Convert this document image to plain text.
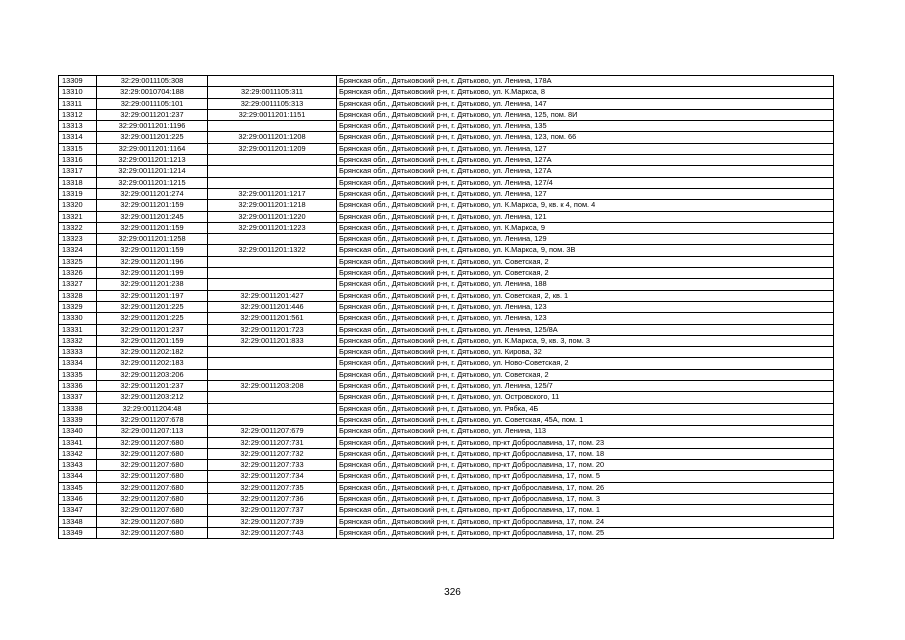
13309	32:29:0011105:308		Брянская обл., Дятьковский р-н, г. Дятьково, ул. Ленина, 178А
13310	32:29:0010704:188	32:29:0011105:311	Брянская обл., Дятьковский р-н, г. Дятьково, ул. К.Маркса, 8
13311	32:29:0011105:101	32:29:0011105:313	Брянская обл., Дятьковский р-н, г. Дятьково, ул. Ленина, 147
13312	32:29:0011201:237	32:29:0011201:1151	Брянская обл., Дятьковский р-н, г. Дятьково, ул. Ленина, 125, пом. 8И
13313	32:29:0011201:1196		Брянская обл., Дятьковский р-н, г. Дятьково, ул. Ленина, 135
13314	32:29:0011201:225	32:29:0011201:1208	Брянская обл., Дятьковский р-н, г. Дятьково, ул. Ленина, 123, пом. 66
13315	32:29:0011201:1164	32:29:0011201:1209	Брянская обл., Дятьковский р-н, г. Дятьково, ул. Ленина, 127
13316	32:29:0011201:1213		Брянская обл., Дятьковский р-н, г. Дятьково, ул. Ленина, 127А
13317	32:29:0011201:1214		Брянская обл., Дятьковский р-н, г. Дятьково, ул. Ленина, 127А
13318	32:29:0011201:1215		Брянская обл., Дятьковский р-н, г. Дятьково, ул. Ленина, 127/4
13319	32:29:0011201:274	32:29:0011201:1217	Брянская обл., Дятьковский р-н, г. Дятьково, ул. Ленина, 127
13320	32:29:0011201:159	32:29:0011201:1218	Брянская обл., Дятьковский р-н, г. Дятьково, ул. К.Маркса, 9, кв. к 4, пом. 4
13321	32:29:0011201:245	32:29:0011201:1220	Брянская обл., Дятьковский р-н, г. Дятьково, ул. Ленина, 121
13322	32:29:0011201:159	32:29:0011201:1223	Брянская обл., Дятьковский р-н, г. Дятьково, ул. К.Маркса, 9
13323	32:29:0011201:1258		Брянская обл., Дятьковский р-н, г. Дятьково, ул. Ленина, 129
13324	32:29:0011201:159	32:29:0011201:1322	Брянская обл., Дятьковский р-н, г. Дятьково, ул. К.Маркса, 9, пом. 3В
13325	32:29:0011201:196		Брянская обл., Дятьковский р-н, г. Дятьково, ул. Советская, 2
13326	32:29:0011201:199		Брянская обл., Дятьковский р-н, г. Дятьково, ул. Советская, 2
13327	32:29:0011201:238		Брянская обл., Дятьковский р-н, г. Дятьково, ул. Ленина, 188
13328	32:29:0011201:197	32:29:0011201:427	Брянская обл., Дятьковский р-н, г. Дятьково, ул. Советская, 2, кв. 1
13329	32:29:0011201:225	32:29:0011201:446	Брянская обл., Дятьковский р-н, г. Дятьково, ул. Ленина, 123
13330	32:29:0011201:225	32:29:0011201:561	Брянская обл., Дятьковский р-н, г. Дятьково, ул. Ленина, 123
13331	32:29:0011201:237	32:29:0011201:723	Брянская обл., Дятьковский р-н, г. Дятьково, ул. Ленина, 125/8А
13332	32:29:0011201:159	32:29:0011201:833	Брянская обл., Дятьковский р-н, г. Дятьково, ул. К.Маркса, 9, кв. 3, пом. 3
13333	32:29:0011202:182		Брянская обл., Дятьковский р-н, г. Дятьково, ул. Кирова, 32
13334	32:29:0011202:183		Брянская обл., Дятьковский р-н, г. Дятьково, ул. Ново-Советская, 2
13335	32:29:0011203:206		Брянская обл., Дятьковский р-н, г. Дятьково, ул. Советская, 2
13336	32:29:0011201:237	32:29:0011203:208	Брянская обл., Дятьковский р-н, г. Дятьково, ул. Ленина, 125/7
13337	32:29:0011203:212		Брянская обл., Дятьковский р-н, г. Дятьково, ул. Островского, 11
13338	32:29:0011204:48		Брянская обл., Дятьковский р-н, г. Дятьково, ул. Рябка, 4Б
13339	32:29:0011207:678		Брянская обл., Дятьковский р-н, г. Дятьково, ул. Советская, 45А, пом. 1
13340	32:29:0011207:113	32:29:0011207:679	Брянская обл., Дятьковский р-н, г. Дятьково, ул. Ленина, 113
13341	32:29:0011207:680	32:29:0011207:731	Брянская обл., Дятьковский р-н, г. Дятьково, пр-кт Доброславина, 17, пом. 23
13342	32:29:0011207:680	32:29:0011207:732	Брянская обл., Дятьковский р-н, г. Дятьково, пр-кт Доброславина, 17, пом. 18
13343	32:29:0011207:680	32:29:0011207:733	Брянская обл., Дятьковский р-н, г. Дятьково, пр-кт Доброславина, 17, пом. 20
13344	32:29:0011207:680	32:29:0011207:734	Брянская обл., Дятьковский р-н, г. Дятьково, пр-кт Доброславина, 17, пом. 5
13345	32:29:0011207:680	32:29:0011207:735	Брянская обл., Дятьковский р-н, г. Дятьково, пр-кт Доброславина, 17, пом. 26
13346	32:29:0011207:680	32:29:0011207:736	Брянская обл., Дятьковский р-н, г. Дятьково, пр-кт Доброславина, 17, пом. 3
13347	32:29:0011207:680	32:29:0011207:737	Брянская обл., Дятьковский р-н, г. Дятьково, пр-кт Доброславина, 17, пом. 1
13348	32:29:0011207:680	32:29:0011207:739	Брянская обл., Дятьковский р-н, г. Дятьково, пр-кт Доброславина, 17, пом. 24
13349	32:29:0011207:680	32:29:0011207:743	Брянская обл., Дятьковский р-н, г. Дятьково, пр-кт Доброславина, 17, пом. 25
326
